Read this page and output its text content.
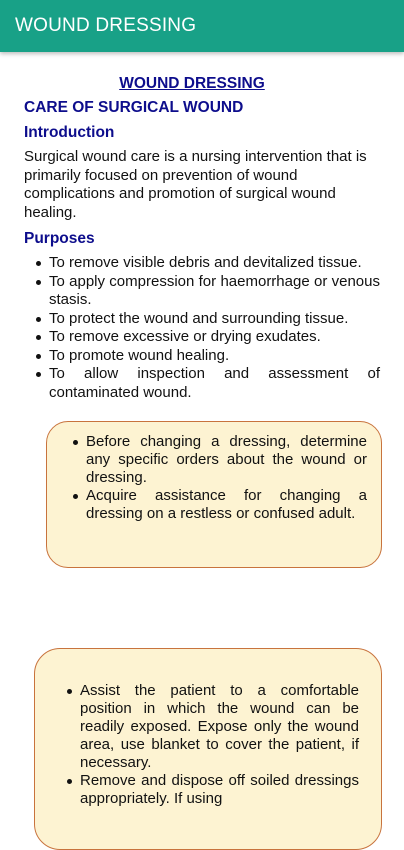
WOUND DRESSING
WOUND DRESSING
CARE OF SURGICAL WOUND
Introduction
Surgical wound care is a nursing intervention that is primarily focused on prevention of wound complications and promotion of surgical wound healing.
Purposes
To remove visible debris and devitalized tissue.
To apply compression for haemorrhage or venous stasis.
To protect the wound and surrounding tissue.
To remove excessive or drying exudates.
To promote wound healing.
To allow inspection and assessment of contaminated wound.
Before changing a dressing, determine any specific orders about the wound or dressing.
Acquire assistance for changing a dressing on a restless or confused adult.
Assist the patient to a comfortable position in which the wound can be readily exposed. Expose only the wound area, use blanket to cover the patient, if necessary.
Remove and dispose off soiled dressings appropriately. If using
